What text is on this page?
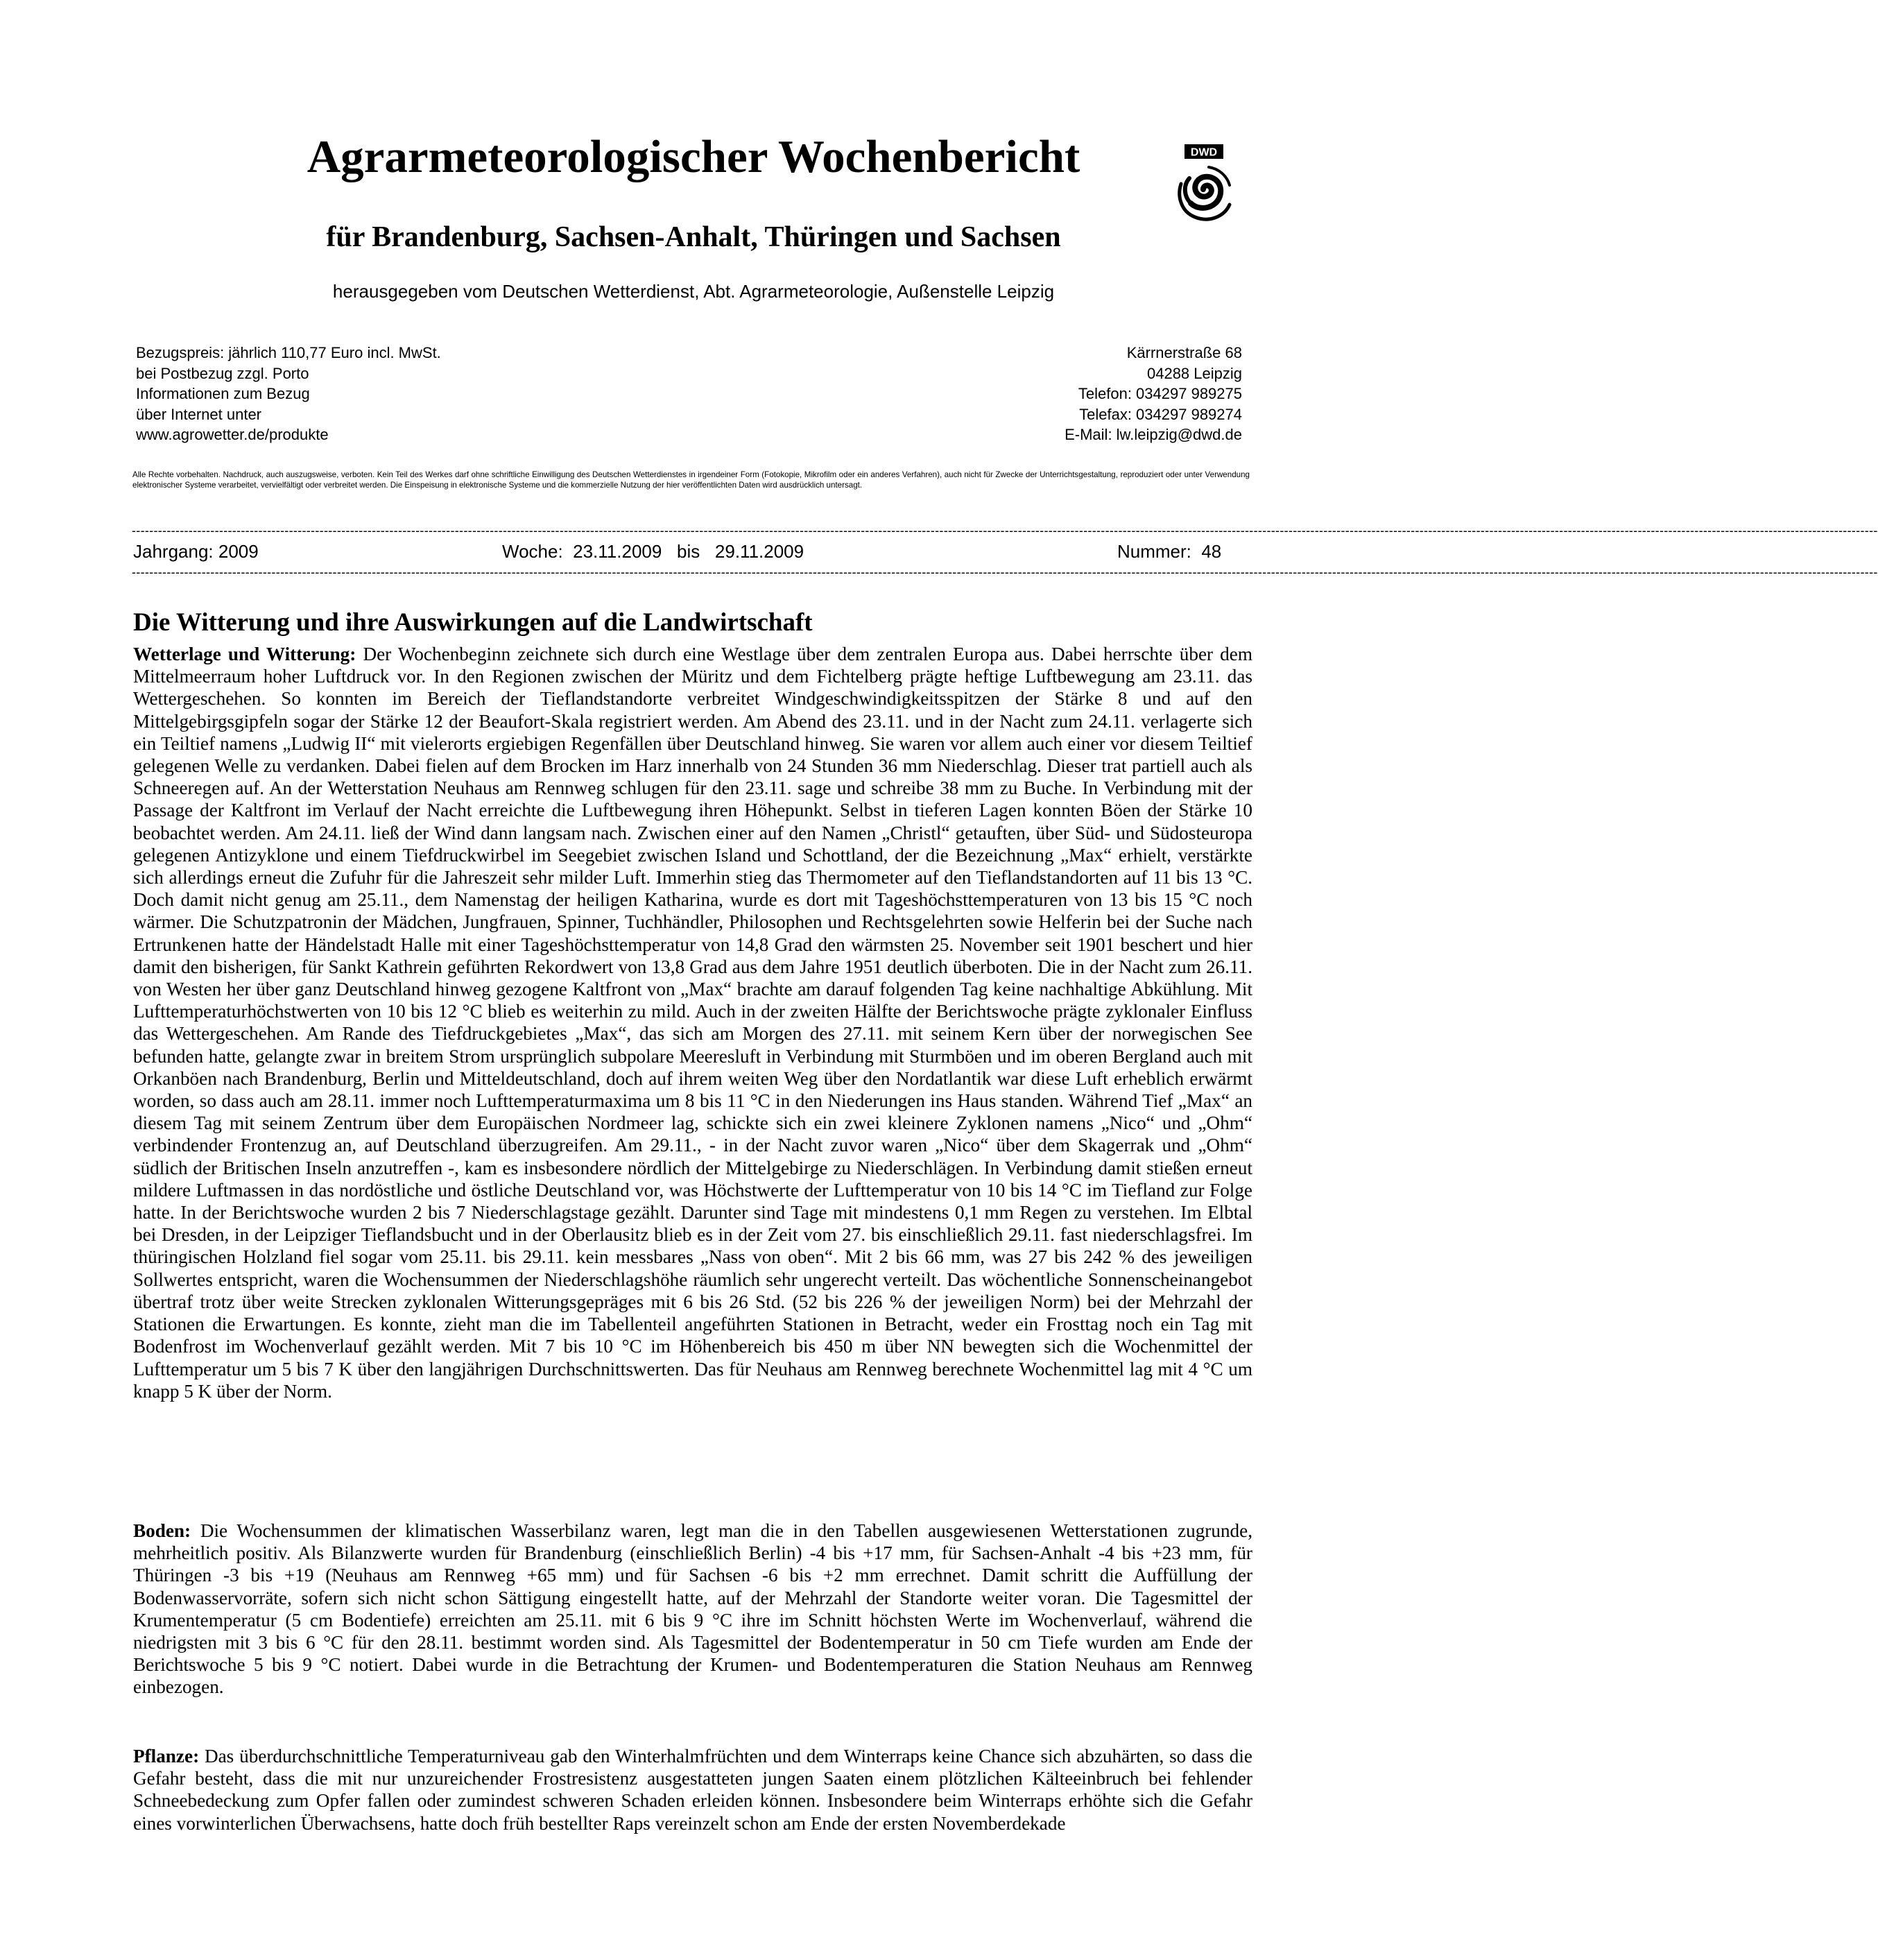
Agrarmeteorologischer Wochenbericht	DWD
für Brandenburg, Sachsen-Anhalt, Thüringen und Sachsen

herausgegeben vom Deutschen Wetterdienst, Abt. Agrarmeteorologie, Außenstelle Leipzig

Bezugspreis: jährlich 110,77 Euro incl. MwSt.
bei Postbezug zzgl. Porto
Informationen zum Bezug
über Internet unter
www.agrowetter.de/produkte
Kärrnerstraße 68
04288 Leipzig
Telefon: 034297 989275
Telefax: 034297 989274
E-Mail: lw.leipzig@dwd.de

Alle Rechte vorbehalten. Nachdruck, auch auszugsweise, verboten. Kein Teil des Werkes darf ohne schriftliche Einwilligung des Deutschen Wetterdienstes in irgendeiner Form (Fotokopie, Mikrofilm oder ein anderes Verfahren), auch nicht für Zwecke der Unterrichtsgestaltung, reproduziert oder unter Verwendung elektronischer Systeme verarbeitet, vervielfältigt oder verbreitet werden. Die Einspeisung in elektronische Systeme und die kommerzielle Nutzung der hier veröffentlichten Daten wird ausdrücklich untersagt.

----------------------------------------------------------------------------------------------------------------------------------------------------------------------------------------------------------------------------------------------------------------------------------------------------------------------------------------------------------------------------------------------------------------
Jahrgang: 2009	Woche:  23.11.2009   bis   29.11.2009	Nummer:  48
----------------------------------------------------------------------------------------------------------------------------------------------------------------------------------------------------------------------------------------------------------------------------------------------------------------------------------------------------------------------------------------------------------------
Die Witterung und ihre Auswirkungen auf die Landwirtschaft

Wetterlage und Witterung: Der Wochenbeginn zeichnete sich durch eine Westlage über dem zentralen Europa aus. Dabei herrschte über dem Mittelmeerraum hoher Luftdruck vor. In den Regionen zwischen der Müritz und dem Fichtelberg prägte heftige Luftbewegung am 23.11. das Wettergeschehen. So konnten im Bereich der Tieflandstandorte verbreitet Windgeschwindigkeitsspitzen der Stärke 8 und auf den Mittelgebirgsgipfeln sogar der Stärke 12 der Beaufort-Skala registriert werden. Am Abend des 23.11. und in der Nacht zum 24.11. verlagerte sich ein Teiltief namens „Ludwig II“ mit vielerorts ergiebigen Regenfällen über Deutschland hinweg. Sie waren vor allem auch einer vor diesem Teiltief gelegenen Welle zu verdanken. Dabei fielen auf dem Brocken im Harz innerhalb von 24 Stunden 36 mm Niederschlag. Dieser trat partiell auch als Schneeregen auf. An der Wetterstation Neuhaus am Rennweg schlugen für den 23.11. sage und schreibe 38 mm zu Buche. In Verbindung mit der Passage der Kaltfront im Verlauf der Nacht erreichte die Luftbewegung ihren Höhepunkt. Selbst in tieferen Lagen konnten Böen der Stärke 10 beobachtet werden. Am 24.11. ließ der Wind dann langsam nach. Zwischen einer auf den Namen „Christl“ getauften, über Süd- und Südosteuropa gelegenen Antizyklone und einem Tiefdruckwirbel im Seegebiet zwischen Island und Schottland, der die Bezeichnung „Max“ erhielt, verstärkte sich allerdings erneut die Zufuhr für die Jahreszeit sehr milder Luft. Immerhin stieg das Thermometer auf den Tieflandstandorten auf 11 bis 13 °C. Doch damit nicht genug am 25.11., dem Namenstag der heiligen Katharina, wurde es dort mit Tageshöchsttemperaturen von 13 bis 15 °C noch wärmer. Die Schutzpatronin der Mädchen, Jungfrauen, Spinner, Tuchhändler, Philosophen und Rechtsgelehrten sowie Helferin bei der Suche nach Ertrunkenen hatte der Händelstadt Halle mit einer Tageshöchsttemperatur von 14,8 Grad den wärmsten 25. November seit 1901 beschert und hier damit den bisherigen, für Sankt Kathrein geführten Rekordwert von 13,8 Grad aus dem Jahre 1951 deutlich überboten. Die in der Nacht zum 26.11. von Westen her über ganz Deutschland hinweg gezogene Kaltfront von „Max“ brachte am darauf folgenden Tag keine nachhaltige Abkühlung. Mit Lufttemperaturhöchstwerten von 10 bis 12 °C blieb es weiterhin zu mild. Auch in der zweiten Hälfte der Berichtswoche prägte zyklonaler Einfluss das Wettergeschehen. Am Rande des Tiefdruckgebietes „Max“, das sich am Morgen des 27.11. mit seinem Kern über der norwegischen See befunden hatte, gelangte zwar in breitem Strom ursprünglich subpolare Meeresluft in Verbindung mit Sturmböen und im oberen Bergland auch mit Orkanböen nach Brandenburg, Berlin und Mitteldeutschland, doch auf ihrem weiten Weg über den Nordatlantik war diese Luft erheblich erwärmt worden, so dass auch am 28.11. immer noch Lufttemperaturmaxima um 8 bis 11 °C in den Niederungen ins Haus standen. Während Tief „Max“ an diesem Tag mit seinem Zentrum über dem Europäischen Nordmeer lag, schickte sich ein zwei kleinere Zyklonen namens „Nico“ und „Ohm“ verbindender Frontenzug an, auf Deutschland überzugreifen. Am 29.11., - in der Nacht zuvor waren „Nico“ über dem Skagerrak und „Ohm“ südlich der Britischen Inseln anzutreffen -, kam es insbesondere nördlich der Mittelgebirge zu Niederschlägen. In Verbindung damit stießen erneut mildere Luftmassen in das nordöstliche und östliche Deutschland vor, was Höchstwerte der Lufttemperatur von 10 bis 14 °C im Tiefland zur Folge hatte. In der Berichtswoche wurden 2 bis 7 Niederschlagstage gezählt. Darunter sind Tage mit mindestens 0,1 mm Regen zu verstehen. Im Elbtal bei Dresden, in der Leipziger Tieflandsbucht und in der Oberlausitz blieb es in der Zeit vom 27. bis einschließlich 29.11. fast niederschlagsfrei. Im thüringischen Holzland fiel sogar vom 25.11. bis 29.11. kein messbares „Nass von oben“. Mit 2 bis 66 mm, was 27 bis 242 % des jeweiligen Sollwertes entspricht, waren die Wochensummen der Niederschlagshöhe räumlich sehr ungerecht verteilt. Das wöchentliche Sonnenscheinangebot übertraf trotz über weite Strecken zyklonalen Witterungsgepräges mit 6 bis 26 Std. (52 bis 226 % der jeweiligen Norm) bei der Mehrzahl der Stationen die Erwartungen. Es konnte, zieht man die im Tabellenteil angeführten Stationen in Betracht, weder ein Frosttag noch ein Tag mit Bodenfrost im Wochenverlauf gezählt werden. Mit 7 bis 10 °C im Höhenbereich bis 450 m über NN bewegten sich die Wochenmittel der Lufttemperatur um 5 bis 7 K über den langjährigen Durchschnittswerten. Das für Neuhaus am Rennweg berechnete Wochenmittel lag mit 4 °C um knapp 5 K über der Norm.

Boden: Die Wochensummen der klimatischen Wasserbilanz waren, legt man die in den Tabellen ausgewiesenen Wetterstationen zugrunde, mehrheitlich positiv. Als Bilanzwerte wurden für Brandenburg (einschließlich Berlin) -4 bis +17 mm, für Sachsen-Anhalt -4 bis +23 mm, für Thüringen -3 bis +19 (Neuhaus am Rennweg +65 mm) und für Sachsen -6 bis +2 mm errechnet. Damit schritt die Auffüllung der Bodenwasservorräte, sofern sich nicht schon Sättigung eingestellt hatte, auf der Mehrzahl der Standorte weiter voran. Die Tagesmittel der Krumentemperatur (5 cm Bodentiefe) erreichten am 25.11. mit 6 bis 9 °C ihre im Schnitt höchsten Werte im Wochenverlauf, während die niedrigsten mit 3 bis 6 °C für den 28.11. bestimmt worden sind. Als Tagesmittel der Bodentemperatur in 50 cm Tiefe wurden am Ende der Berichtswoche 5 bis 9 °C notiert. Dabei wurde in die Betrachtung der Krumen- und Bodentemperaturen die Station Neuhaus am Rennweg einbezogen.

Pflanze: Das überdurchschnittliche Temperaturniveau gab den Winterhalmfrüchten und dem Winterraps keine Chance sich abzuhärten, so dass die Gefahr besteht, dass die mit nur unzureichender Frostresistenz ausgestatteten jungen Saaten einem plötzlichen Kälteeinbruch bei fehlender Schneebedeckung zum Opfer fallen oder zumindest schweren Schaden erleiden können. Insbesondere beim Winterraps erhöhte sich die Gefahr eines vorwinterlichen Überwachsens, hatte doch früh bestellter Raps vereinzelt schon am Ende der ersten Novemberdekade
